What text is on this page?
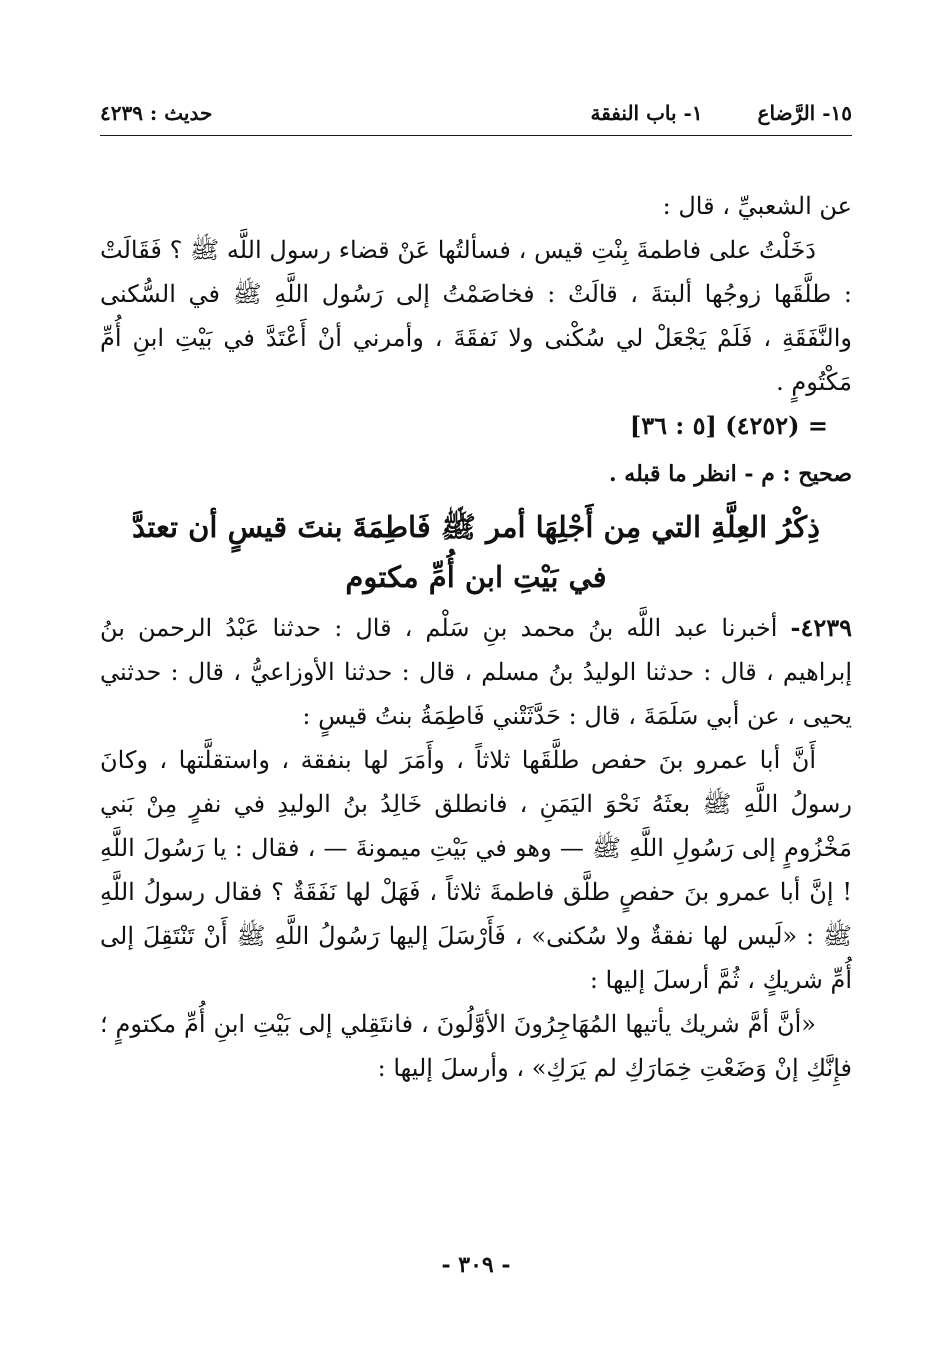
١٥- الرَّضاع ١- باب النفقة
حديث : ٤٢٣٩

عن الشعبيِّ ، قال :

دَخَلْتُ على فاطمةَ بِنْتِ قيس ، فسألتُها عَنْ قضاء رسول اللَّه ﷺ ؟ فَقَالَتْ : طلَّقَها زوجُها ألبتةَ ، قالَتْ : فخاصَمْتُ إلى رَسُول اللَّهِ ﷺ في السُّكنى والنَّفَقَةِ ، فَلَمْ يَجْعَلْ لي سُكْنى ولا نَفقَةَ ، وأمرني أنْ أَعْتَدَّ في بَيْتِ ابنِ أُمِّ مَكْتُومٍ .

= (٤٢٥٢) [٥ : ٣٦]

صحيح : م - انظر ما قبله .

ذِكْرُ العِلَّةِ التي مِن أَجْلِهَا أمر ﷺ فَاطِمَةَ بنتَ قيسٍ أن تعتدَّ
في بَيْتِ ابن أُمِّ مكتوم

٤٢٣٩- أخبرنا عبد اللَّه بنُ محمد بنِ سَلْم ، قال : حدثنا عَبْدُ الرحمن بنُ إبراهيم ، قال : حدثنا الوليدُ بنُ مسلم ، قال : حدثنا الأوزاعيُّ ، قال : حدثني يحيى ، عن أبي سَلَمَةَ ، قال : حَدَّثَتْني فَاطِمَةُ بنتُ قيسٍ :

أَنَّ أبا عمرو بنَ حفص طلَّقَها ثلاثاً ، وأَمَرَ لها بنفقة ، واستقلَّتها ، وكانَ رسولُ اللَّهِ ﷺ بعثَهُ نَحْوَ اليَمَنِ ، فانطلق خَالِدُ بنُ الوليدِ في نفرٍ مِنْ بَني مَخْزُومٍ إلى رَسُولِ اللَّهِ ﷺ — وهو في بَيْتِ ميمونةَ — ، فقال : يا رَسُولَ اللَّهِ ! إنَّ أبا عمرو بنَ حفصٍ طلَّق فاطمةَ ثلاثاً ، فَهَلْ لها نَفَقَةٌ ؟ فقال رسولُ اللَّهِ ﷺ : «لَيس لها نفقةٌ ولا سُكنى» ، فَأَرْسَلَ إليها رَسُولُ اللَّهِ ﷺ أَنْ تَنْتَقِلَ إلى أُمِّ شريكٍ ، ثُمَّ أرسلَ إليها :

«أنَّ أمَّ شريك يأتيها المُهَاجِرُونَ الأوَّلُونَ ، فانتَقِلي إلى بَيْتِ ابنِ أُمِّ مكتومٍ ؛ فإِنَّكِ إنْ وَضَعْتِ خِمَارَكِ لم يَرَكِ» ، وأرسلَ إليها :

- ٣٠٩ -
